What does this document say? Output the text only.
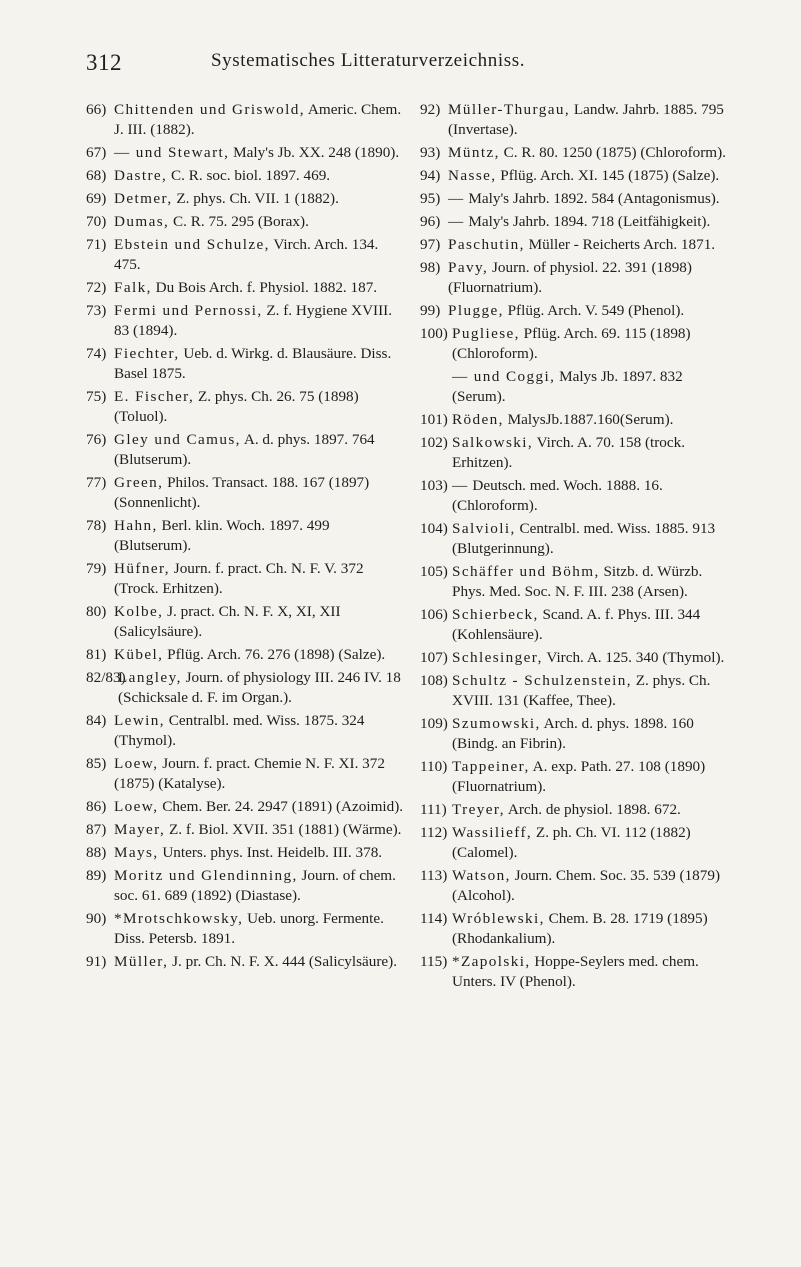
312	Systematisches Litteraturverzeichniss.
66) Chittenden und Griswold, Americ. Chem. J. III. (1882).
67) — und Stewart, Maly's Jb. XX. 248 (1890).
68) Dastre, C. R. soc. biol. 1897. 469.
69) Detmer, Z. phys. Ch. VII. 1 (1882).
70) Dumas, C. R. 75. 295 (Borax).
71) Ebstein und Schulze, Virch. Arch. 134. 475.
72) Falk, Du Bois Arch. f. Physiol. 1882. 187.
73) Fermi und Pernossi, Z. f. Hygiene XVIII. 83 (1894).
74) Fiechter, Ueb. d. Wirkg. d. Blausäure. Diss. Basel 1875.
75) E. Fischer, Z. phys. Ch. 26. 75 (1898) (Toluol).
76) Gley und Camus, A. d. phys. 1897. 764 (Blutserum).
77) Green, Philos. Transact. 188. 167 (1897) (Sonnenlicht).
78) Hahn, Berl. klin. Woch. 1897. 499 (Blutserum).
79) Hüfner, Journ. f. pract. Ch. N. F. V. 372 (Trock. Erhitzen).
80) Kolbe, J. pract. Ch. N. F. X, XI, XII (Salicylsäure).
81) Kübel, Pflüg. Arch. 76. 276 (1898) (Salze).
82/83)
Langley, Journ. of physiology III. 246 IV. 18 (Schicksale d. F. im Organ.).
84) Lewin, Centralbl. med. Wiss. 1875. 324 (Thymol).
85) Loew, Journ. f. pract. Chemie N. F. XI. 372 (1875) (Katalyse).
86) Loew, Chem. Ber. 24. 2947 (1891) (Azoimid).
87) Mayer, Z. f. Biol. XVII. 351 (1881) (Wärme).
88) Mays, Unters. phys. Inst. Heidelb. III. 378.
89) Moritz und Glendinning, Journ. of chem. soc. 61. 689 (1892) (Diastase).
90) *Mrotschkowsky, Ueb. unorg. Fermente. Diss. Petersb. 1891.
91) Müller, J. pr. Ch. N. F. X. 444 (Salicylsäure).
92) Müller-Thurgau, Landw. Jahrb. 1885. 795 (Invertase).
93) Müntz, C. R. 80. 1250 (1875) (Chloroform).
94) Nasse, Pflüg. Arch. XI. 145 (1875) (Salze).
95) — Maly's Jahrb. 1892. 584 (Antagonismus).
96) — Maly's Jahrb. 1894. 718 (Leitfähigkeit).
97) Paschutin, Müller - Reicherts Arch. 1871.
98) Pavy, Journ. of physiol. 22. 391 (1898) (Fluornatrium).
99) Plugge, Pflüg. Arch. V. 549 (Phenol).
100) Pugliese, Pflüg. Arch. 69. 115 (1898) (Chloroform).
— und Coggi, Malys Jb. 1897. 832 (Serum).
101) Röden, MalysJb.1887.160(Serum).
102) Salkowski, Virch. A. 70. 158 (trock. Erhitzen).
103) — Deutsch. med. Woch. 1888. 16. (Chloroform).
104) Salvioli, Centralbl. med. Wiss. 1885. 913 (Blutgerinnung).
105) Schäffer und Böhm, Sitzb. d. Würzb. Phys. Med. Soc. N. F. III. 238 (Arsen).
106) Schierbeck, Scand. A. f. Phys. III. 344 (Kohlensäure).
107) Schlesinger, Virch. A. 125. 340 (Thymol).
108) Schultz - Schulzenstein, Z. phys. Ch. XVIII. 131 (Kaffee, Thee).
109) Szumowski, Arch. d. phys. 1898. 160 (Bindg. an Fibrin).
110) Tappeiner, A. exp. Path. 27. 108 (1890) (Fluornatrium).
111) Treyer, Arch. de physiol. 1898. 672.
112) Wassilieff, Z. ph. Ch. VI. 112 (1882) (Calomel).
113) Watson, Journ. Chem. Soc. 35. 539 (1879) (Alcohol).
114) Wróblewski, Chem. B. 28. 1719 (1895) (Rhodankalium).
115) *Zapolski, Hoppe-Seylers med. chem. Unters. IV (Phenol).
